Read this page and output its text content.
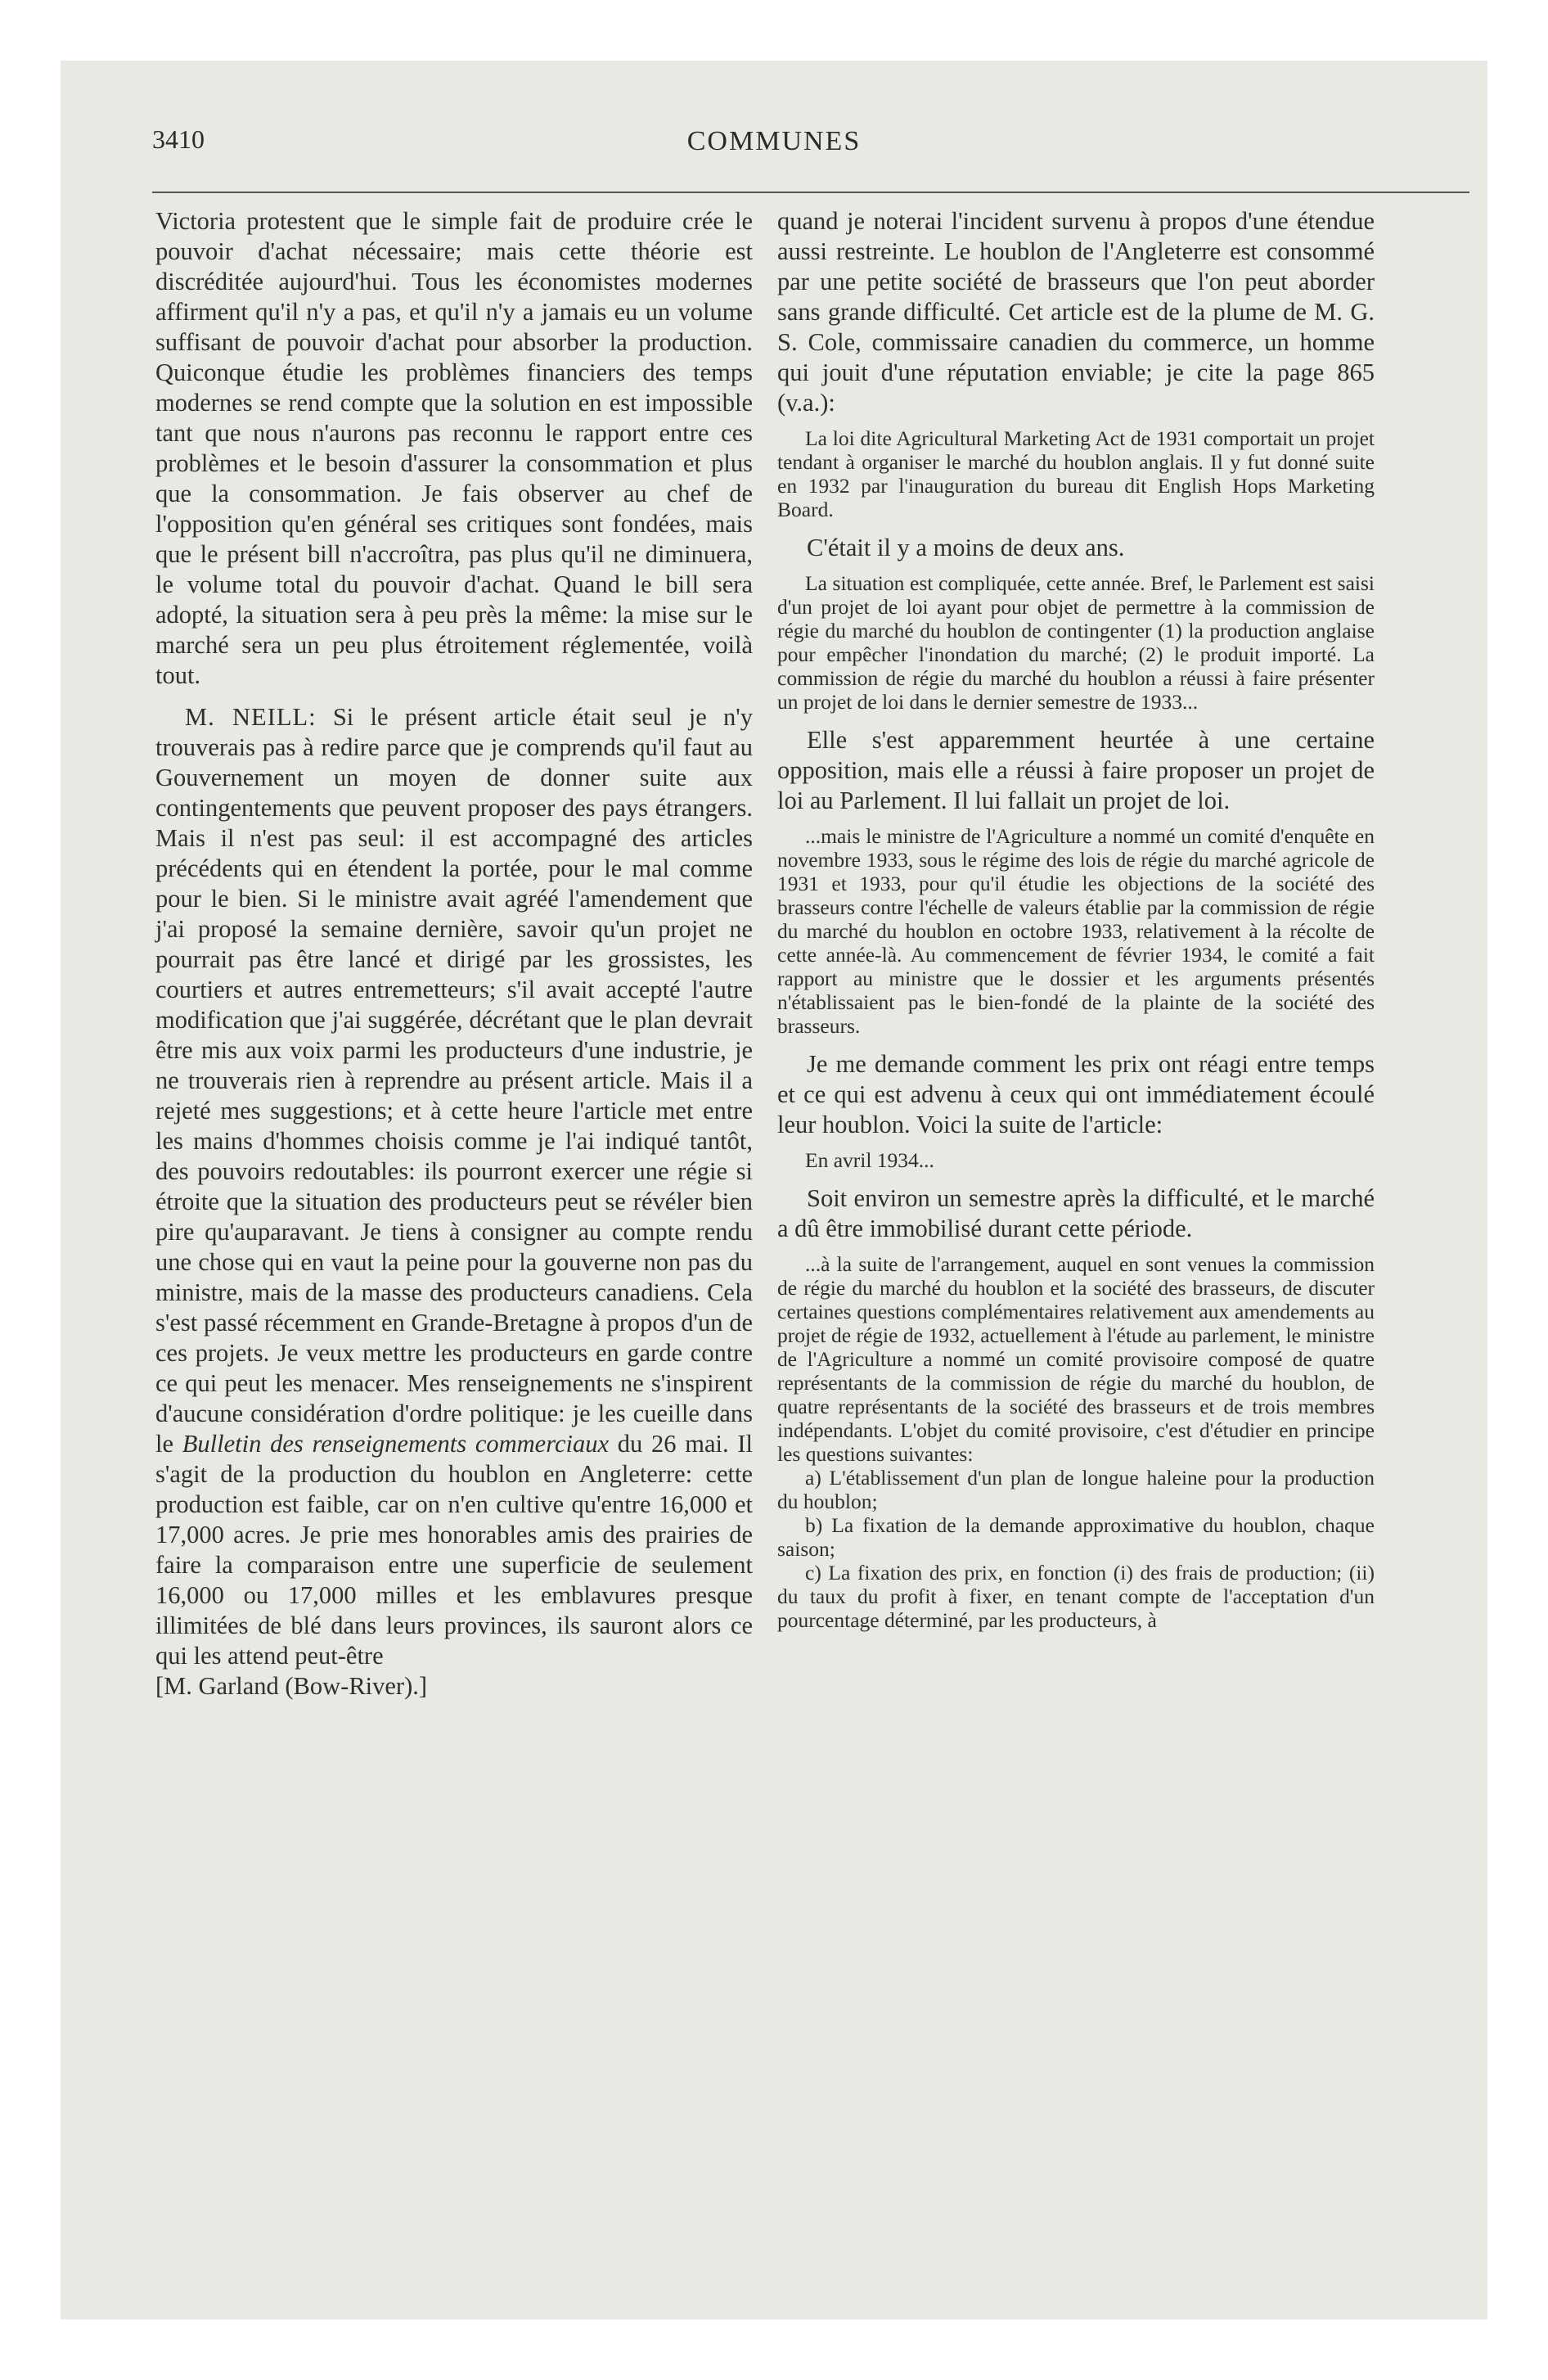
3410	COMMUNES

Victoria protestent que le simple fait de produire crée le pouvoir d'achat nécessaire; mais cette théorie est discréditée aujourd'hui. Tous les économistes modernes affirment qu'il n'y a pas, et qu'il n'y a jamais eu un volume suffisant de pouvoir d'achat pour absorber la production. Quiconque étudie les problèmes financiers des temps modernes se rend compte que la solution en est impossible tant que nous n'aurons pas reconnu le rapport entre ces problèmes et le besoin d'assurer la consommation et plus que la consommation. Je fais observer au chef de l'opposition qu'en général ses critiques sont fondées, mais que le présent bill n'accroîtra, pas plus qu'il ne diminuera, le volume total du pouvoir d'achat. Quand le bill sera adopté, la situation sera à peu près la même: la mise sur le marché sera un peu plus étroitement réglementée, voilà tout.

M. NEILL: Si le présent article était seul je n'y trouverais pas à redire parce que je comprends qu'il faut au Gouvernement un moyen de donner suite aux contingentements que peuvent proposer des pays étrangers. Mais il n'est pas seul: il est accompagné des articles précédents qui en étendent la portée, pour le mal comme pour le bien. Si le ministre avait agréé l'amendement que j'ai proposé la semaine dernière, savoir qu'un projet ne pourrait pas être lancé et dirigé par les grossistes, les courtiers et autres entremetteurs; s'il avait accepté l'autre modification que j'ai suggérée, décrétant que le plan devrait être mis aux voix parmi les producteurs d'une industrie, je ne trouverais rien à reprendre au présent article. Mais il a rejeté mes suggestions; et à cette heure l'article met entre les mains d'hommes choisis comme je l'ai indiqué tantôt, des pouvoirs redoutables: ils pourront exercer une régie si étroite que la situation des producteurs peut se révéler bien pire qu'auparavant. Je tiens à consigner au compte rendu une chose qui en vaut la peine pour la gouverne non pas du ministre, mais de la masse des producteurs canadiens. Cela s'est passé récemment en Grande-Bretagne à propos d'un de ces projets. Je veux mettre les producteurs en garde contre ce qui peut les menacer. Mes renseignements ne s'inspirent d'aucune considération d'ordre politique: je les cueille dans le Bulletin des renseignements commerciaux du 26 mai. Il s'agit de la production du houblon en Angleterre: cette production est faible, car on n'en cultive qu'entre 16,000 et 17,000 acres. Je prie mes honorables amis des prairies de faire la comparaison entre une superficie de seulement 16,000 ou 17,000 milles et les emblavures presque illimitées de blé dans leurs provinces, ils sauront alors ce qui les attend peut-être

[M. Garland (Bow-River).]

quand je noterai l'incident survenu à propos d'une étendue aussi restreinte. Le houblon de l'Angleterre est consommé par une petite société de brasseurs que l'on peut aborder sans grande difficulté. Cet article est de la plume de M. G. S. Cole, commissaire canadien du commerce, un homme qui jouit d'une réputation enviable; je cite la page 865 (v.a.):

La loi dite Agricultural Marketing Act de 1931 comportait un projet tendant à organiser le marché du houblon anglais. Il y fut donné suite en 1932 par l'inauguration du bureau dit English Hops Marketing Board.

C'était il y a moins de deux ans.

La situation est compliquée, cette année. Bref, le Parlement est saisi d'un projet de loi ayant pour objet de permettre à la commission de régie du marché du houblon de contingenter (1) la production anglaise pour empêcher l'inondation du marché; (2) le produit importé. La commission de régie du marché du houblon a réussi à faire présenter un projet de loi dans le dernier semestre de 1933...

Elle s'est apparemment heurtée à une certaine opposition, mais elle a réussi à faire proposer un projet de loi au Parlement. Il lui fallait un projet de loi.

...mais le ministre de l'Agriculture a nommé un comité d'enquête en novembre 1933, sous le régime des lois de régie du marché agricole de 1931 et 1933, pour qu'il étudie les objections de la société des brasseurs contre l'échelle de valeurs établie par la commission de régie du marché du houblon en octobre 1933, relativement à la récolte de cette année-là. Au commencement de février 1934, le comité a fait rapport au ministre que le dossier et les arguments présentés n'établissaient pas le bien-fondé de la plainte de la société des brasseurs.

Je me demande comment les prix ont réagi entre temps et ce qui est advenu à ceux qui ont immédiatement écoulé leur houblon. Voici la suite de l'article:

En avril 1934...

Soit environ un semestre après la difficulté, et le marché a dû être immobilisé durant cette période.

...à la suite de l'arrangement, auquel en sont venues la commission de régie du marché du houblon et la société des brasseurs, de discuter certaines questions complémentaires relativement aux amendements au projet de régie de 1932, actuellement à l'étude au parlement, le ministre de l'Agriculture a nommé un comité provisoire composé de quatre représentants de la commission de régie du marché du houblon, de quatre représentants de la société des brasseurs et de trois membres indépendants. L'objet du comité provisoire, c'est d'étudier en principe les questions suivantes:

a) L'établissement d'un plan de longue haleine pour la production du houblon;

b) La fixation de la demande approximative du houblon, chaque saison;

c) La fixation des prix, en fonction (i) des frais de production; (ii) du taux du profit à fixer, en tenant compte de l'acceptation d'un pourcentage déterminé, par les producteurs, à
